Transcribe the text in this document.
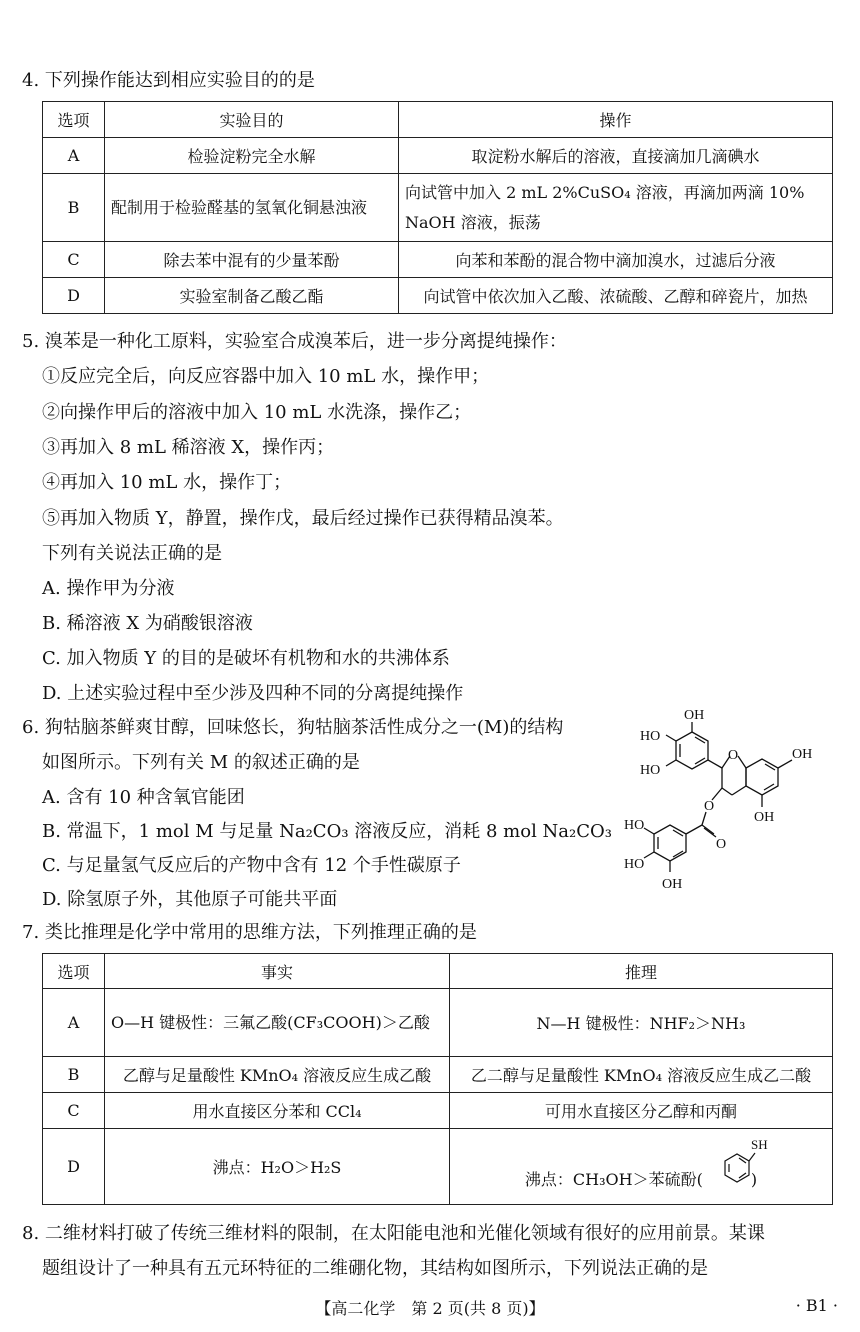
4. 下列操作能达到相应实验目的的是
选项	实验目的	操作
A	检验淀粉完全水解	取淀粉水解后的溶液，直接滴加几滴碘水
B	配制用于检验醛基的氢氧化铜悬浊液	向试管中加入 2 mL 2%CuSO₄ 溶液，再滴加两滴 10% NaOH 溶液，振荡
C	除去苯中混有的少量苯酚	向苯和苯酚的混合物中滴加溴水，过滤后分液
D	实验室制备乙酸乙酯	向试管中依次加入乙酸、浓硫酸、乙醇和碎瓷片，加热
5. 溴苯是一种化工原料，实验室合成溴苯后，进一步分离提纯操作：
①反应完全后，向反应容器中加入 10 mL 水，操作甲；
②向操作甲后的溶液中加入 10 mL 水洗涤，操作乙；
③再加入 8 mL 稀溶液 X，操作丙；
④再加入 10 mL 水，操作丁；
⑤再加入物质 Y，静置，操作戊，最后经过操作已获得精品溴苯。
下列有关说法正确的是
A. 操作甲为分液
B. 稀溶液 X 为硝酸银溶液
C. 加入物质 Y 的目的是破坏有机物和水的共沸体系
D. 上述实验过程中至少涉及四种不同的分离提纯操作
6. 狗牯脑茶鲜爽甘醇，回味悠长，狗牯脑茶活性成分之一(M)的结构
如图所示。下列有关 M 的叙述正确的是
A. 含有 10 种含氧官能团
B. 常温下，1 mol M 与足量 Na₂CO₃ 溶液反应，消耗 8 mol Na₂CO₃
C. 与足量氢气反应后的产物中含有 12 个手性碳原子
D. 除氢原子外，其他原子可能共平面
OH
HO
HO
OH
O
OH
O
HO
O
HO
OH
7. 类比推理是化学中常用的思维方法，下列推理正确的是
选项	事实	推理
A	O—H 键极性：三氟乙酸(CF₃COOH)＞乙酸	N—H 键极性：NHF₂＞NH₃
B	乙醇与足量酸性 KMnO₄ 溶液反应生成乙酸	乙二醇与足量酸性 KMnO₄ 溶液反应生成乙二酸
C	用水直接区分苯和 CCl₄	可用水直接区分乙醇和丙酮
D	沸点：H₂O＞H₂S	沸点：CH₃OH＞苯硫酚(　　　)
SH
8. 二维材料打破了传统三维材料的限制，在太阳能电池和光催化领域有很好的应用前景。某课
题组设计了一种具有五元环特征的二维硼化物，其结构如图所示，下列说法正确的是
【高二化学　第 2 页(共 8 页)】	· B1 ·
